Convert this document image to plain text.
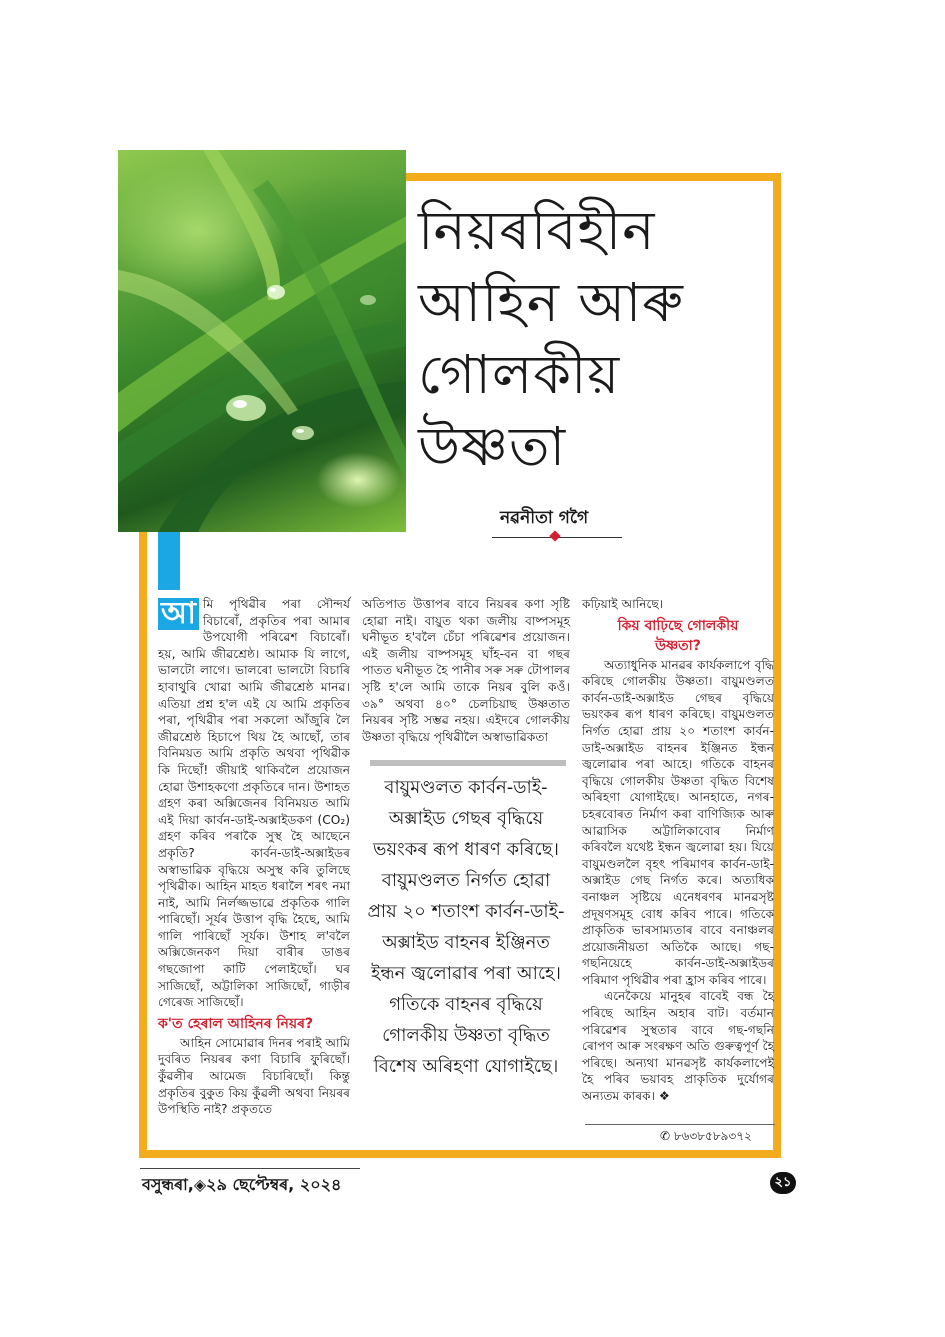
নিয়ৰবিহীন
আহিন আৰু
গোলকীয়
উষ্ণতা
নৱনীতা গগৈ

আ মি পৃথিৱীৰ পৰা সৌন্দৰ্য বিচাৰোঁ, প্ৰকৃতিৰ পৰা আমাৰ উপযোগী পৰিৱেশ বিচাৰোঁ। হয়, আমি জীৱশ্ৰেষ্ঠ। আমাক যি লাগে, ভালটো লাগে। ভালৰো ভালটো বিচাৰি হাবাথুৰি খোৱা আমি জীৱশ্ৰেষ্ঠ মানৱ। এতিয়া প্ৰশ্ন হ'ল এই যে আমি প্ৰকৃতিৰ পৰা, পৃথিৱীৰ পৰা সকলো আঁজুৰি লৈ জীৱশ্ৰেষ্ঠ হিচাপে থিয় হৈ আছোঁ, তাৰ বিনিময়ত আমি প্ৰকৃতি অথবা পৃথিৱীক কি দিছোঁ! জীয়াই থাকিবলৈ প্ৰয়োজন হোৱা উশাহকণো প্ৰকৃতিৰে দান। উশাহত গ্ৰহণ কৰা অক্সিজেনৰ বিনিময়ত আমি এই দিয়া কাৰ্বন-ডাই-অক্সাইডকণ (CO₂) গ্ৰহণ কৰিব পৰাকৈ সুস্থ হৈ আছেনে প্ৰকৃতি? কাৰ্বন-ডাই-অক্সাইডৰ অস্বাভাৱিক বৃদ্ধিয়ে অসুস্থ কৰি তুলিছে পৃথিৱীক। আহিন মাহত ধৰালৈ শৰৎ নমা নাই, আমি নিৰ্লজ্জভাৱে প্ৰকৃতিক গালি পাৰিছোঁ। সূৰ্যৰ উত্তাপ বৃদ্ধি হৈছে, আমি গালি পাৰিছোঁ সূৰ্যক। উশাহ ল'বলৈ অক্সিজেনকণ দিয়া বাৰীৰ ডাঙৰ গছজোপা কাটি পেলাইছোঁ। ঘৰ সাজিছোঁ, অট্টালিকা সাজিছোঁ, গাড়ীৰ গেৰেজ সাজিছোঁ।

ক'ত হেৰাল আহিনৰ নিয়ৰ?

আহিন সোমোৱাৰ দিনৰ পৰাই আমি দুবৰিত নিয়ৰৰ কণা বিচাৰি ফুৰিছোঁ। কুঁৱলীৰ আমেজ বিচাৰিছোঁ। কিন্তু প্ৰকৃতিৰ বুকুত কিয় কুঁৱলী অথবা নিয়ৰৰ উপস্থিতি নাই? প্ৰকৃততে

অতিপাত উত্তাপৰ বাবে নিয়ৰৰ কণা সৃষ্টি হোৱা নাই। বায়ুত থকা জলীয় বাষ্পসমূহ ঘনীভূত হ'বলৈ চেঁচা পৰিৱেশৰ প্ৰয়োজন। এই জলীয় বাষ্পসমূহ ঘাঁহ-বন বা গছৰ পাতত ঘনীভূত হৈ পানীৰ সৰু সৰু টোপালৰ সৃষ্টি হ'লে আমি তাকে নিয়ৰ বুলি কওঁ। ৩৯° অথবা ৪০° চেলচিয়াছ উষ্ণতাত নিয়ৰৰ সৃষ্টি সম্ভৱ নহয়। এইদৰে গোলকীয় উষ্ণতা বৃদ্ধিয়ে পৃথিৱীলৈ অস্বাভাৱিকতা

বায়ুমণ্ডলত কাৰ্বন-ডাই-অক্সাইড গেছৰ বৃদ্ধিয়ে ভয়ংকৰ ৰূপ ধাৰণ কৰিছে। বায়ুমণ্ডলত নিৰ্গত হোৱা প্ৰায় ২০ শতাংশ কাৰ্বন-ডাই-অক্সাইড বাহনৰ ইঞ্জিনত ইন্ধন জ্বলোৱাৰ পৰা আহে। গতিকে বাহনৰ বৃদ্ধিয়ে গোলকীয় উষ্ণতা বৃদ্ধিত বিশেষ অৰিহণা যোগাইছে।

কঢ়িয়াই আনিছে।

কিয় বাঢ়িছে গোলকীয়
উষ্ণতা?

অত্যাধুনিক মানৱৰ কাৰ্যকলাপে বৃদ্ধি কৰিছে গোলকীয় উষ্ণতা। বায়ুমণ্ডলত কাৰ্বন-ডাই-অক্সাইড গেছৰ বৃদ্ধিয়ে ভয়ংকৰ ৰূপ ধাৰণ কৰিছে। বায়ুমণ্ডলত নিৰ্গত হোৱা প্ৰায় ২০ শতাংশ কাৰ্বন-ডাই-অক্সাইড বাহনৰ ইঞ্জিনত ইন্ধন জ্বলোৱাৰ পৰা আহে। গতিকে বাহনৰ বৃদ্ধিয়ে গোলকীয় উষ্ণতা বৃদ্ধিত বিশেষ অৰিহণা যোগাইছে। আনহাতে, নগৰ-চহৰবোৰত নিৰ্মাণ কৰা বাণিজ্যিক আৰু আৱাসিক অট্টালিকাবোৰ নিৰ্মাণ কৰিবলৈ যথেষ্ট ইন্ধন জ্বলোৱা হয়। যিয়ে বায়ুমণ্ডললৈ বৃহৎ পৰিমাণৰ কাৰ্বন-ডাই-অক্সাইড গেছ নিৰ্গত কৰে। অত্যধিক বনাঞ্চল সৃষ্টিয়ে এনেধৰণৰ মানৱসৃষ্ট প্ৰদূষণসমূহ বোধ কৰিব পাৰে। গতিকে প্ৰাকৃতিক ভাৰসাম্যতাৰ বাবে বনাঞ্চলৰ প্ৰয়োজনীয়তা অতিকৈ আছে। গছ-গছনিয়েহে কাৰ্বন-ডাই-অক্সাইডৰ পৰিমাণ পৃথিৱীৰ পৰা হ্ৰাস কৰিব পাৰে।

এনেকৈয়ে মানুহৰ বাবেই বন্ধ হৈ পৰিছে আহিন অহাৰ বাট। বৰ্তমান পৰিৱেশৰ সুস্থতাৰ বাবে গছ-গছনি ৰোপণ আৰু সংৰক্ষণ অতি গুৰুত্বপূৰ্ণ হৈ পৰিছে। অন্যথা মানৱসৃষ্ট কাৰ্যকলাপেই হৈ পৰিব ভয়াবহ প্ৰাকৃতিক দুৰ্যোগৰ অন্যতম কাৰক। ❖

✆ ৮৬৩৮৫৮৯৩৭২
বসুন্ধৰা,◈২৯ ছেপ্টেম্বৰ, ২০২৪	২১
